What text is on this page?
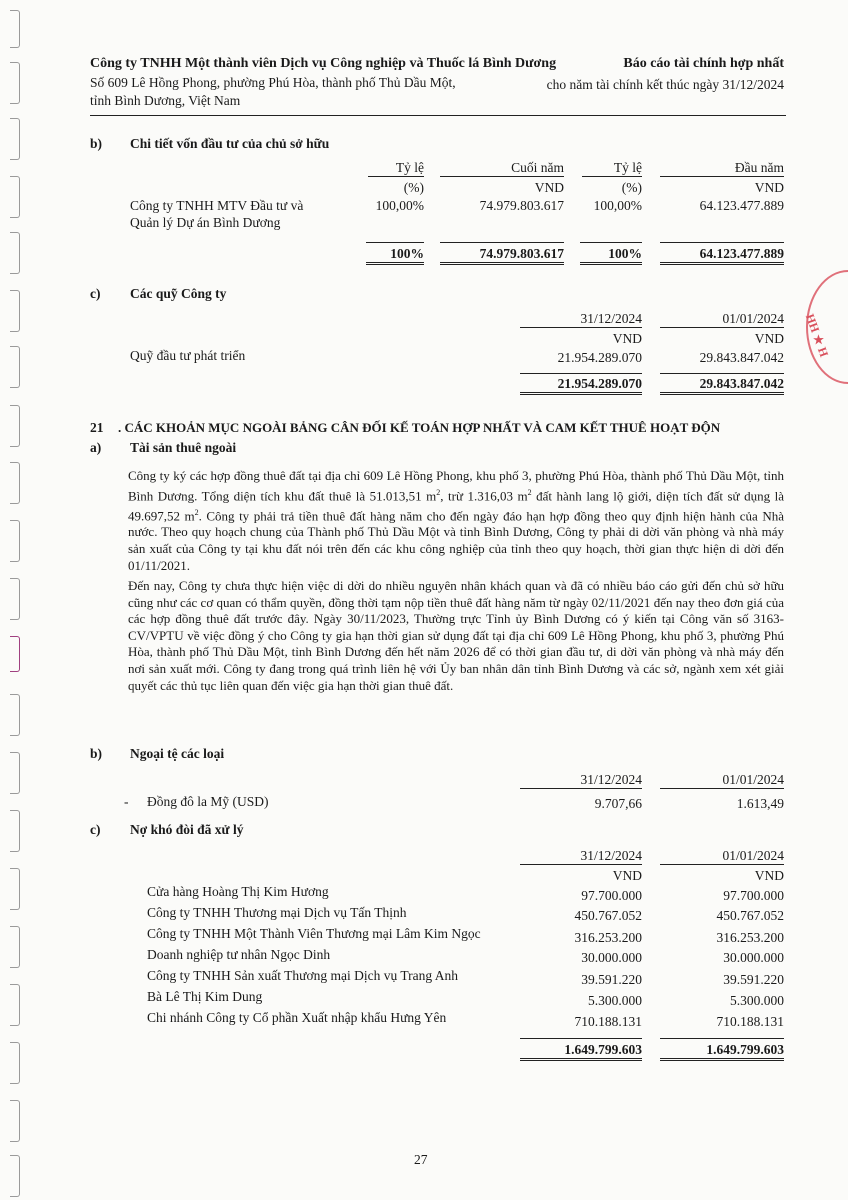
Công ty TNHH Một thành viên Dịch vụ Công nghiệp và Thuốc lá Bình Dương
Số 609 Lê Hồng Phong, phường Phú Hòa, thành phố Thủ Dầu Một,
tỉnh Bình Dương, Việt Nam
Báo cáo tài chính hợp nhất
cho năm tài chính kết thúc ngày 31/12/2024
b) Chi tiết vốn đầu tư của chủ sở hữu
Tỷ lệ	Cuối năm	Tỷ lệ	Đầu năm
(%)	VND	(%)	VND
Công ty TNHH MTV Đầu tư và
Quản lý Dự án Bình Dương
100,00%	74.979.803.617	100,00%	64.123.477.889
100%	74.979.803.617	100%	64.123.477.889
c) Các quỹ Công ty
31/12/2024	01/01/2024
VND	VND
Quỹ đầu tư phát triển	21.954.289.070	29.843.847.042
21.954.289.070	29.843.847.042
21 . CÁC KHOẢN MỤC NGOÀI BẢNG CÂN ĐỐI KẾ TOÁN HỢP NHẤT VÀ CAM KẾT THUÊ HOẠT ĐỘN
a) Tài sản thuê ngoài
Công ty ký các hợp đồng thuê đất tại địa chỉ 609 Lê Hồng Phong, khu phố 3, phường Phú Hòa, thành phố Thủ Dầu Một, tỉnh Bình Dương. Tổng diện tích khu đất thuê là 51.013,51 $m^2$, trừ 1.316,03 $m^2$ đất hành lang lộ giới, diện tích đất sử dụng là 49.697,52 $m^2$. Công ty phải trả tiền thuê đất hàng năm cho đến ngày đáo hạn hợp đồng theo quy định hiện hành của Nhà nước. Theo quy hoạch chung của Thành phố Thủ Dầu Một và tỉnh Bình Dương, Công ty phải di dời văn phòng và nhà máy sản xuất của Công ty tại khu đất nói trên đến các khu công nghiệp của tỉnh theo quy hoạch, thời gian thực hiện di dời đến 01/11/2021.
Đến nay, Công ty chưa thực hiện việc di dời do nhiều nguyên nhân khách quan và đã có nhiều báo cáo gửi đến chủ sở hữu cũng như các cơ quan có thẩm quyền, đồng thời tạm nộp tiền thuê đất hàng năm từ ngày 02/11/2021 đến nay theo đơn giá của các hợp đồng thuê đất trước đây. Ngày 30/11/2023, Thường trực Tỉnh ủy Bình Dương có ý kiến tại Công văn số 3163-CV/VPTU về việc đồng ý cho Công ty gia hạn thời gian sử dụng đất tại địa chỉ 609 Lê Hồng Phong, khu phố 3, phường Phú Hòa, thành phố Thủ Dầu Một, tỉnh Bình Dương đến hết năm 2026 để có thời gian đầu tư, di dời văn phòng và nhà máy đến nơi sản xuất mới. Công ty đang trong quá trình liên hệ với Ủy ban nhân dân tỉnh Bình Dương và các sở, ngành xem xét giải quyết các thủ tục liên quan đến việc gia hạn thời gian thuê đất.
b) Ngoại tệ các loại
31/12/2024	01/01/2024
- Đồng đô la Mỹ (USD)	9.707,66	1.613,49
c) Nợ khó đòi đã xử lý
31/12/2024	01/01/2024
VND	VND
Cửa hàng Hoàng Thị Kim Hương	97.700.000	97.700.000
Công ty TNHH Thương mại Dịch vụ Tấn Thịnh	450.767.052	450.767.052
Công ty TNHH Một Thành Viên Thương mại Lâm Kim Ngọc	316.253.200	316.253.200
Doanh nghiệp tư nhân Ngọc Dinh	30.000.000	30.000.000
Công ty TNHH Sản xuất Thương mại Dịch vụ Trang Anh	39.591.220	39.591.220
Bà Lê Thị Kim Dung	5.300.000	5.300.000
Chi nhánh Công ty Cổ phần Xuất nhập khẩu Hưng Yên	710.188.131	710.188.131
1.649.799.603	1.649.799.603
27
HH ★ H
